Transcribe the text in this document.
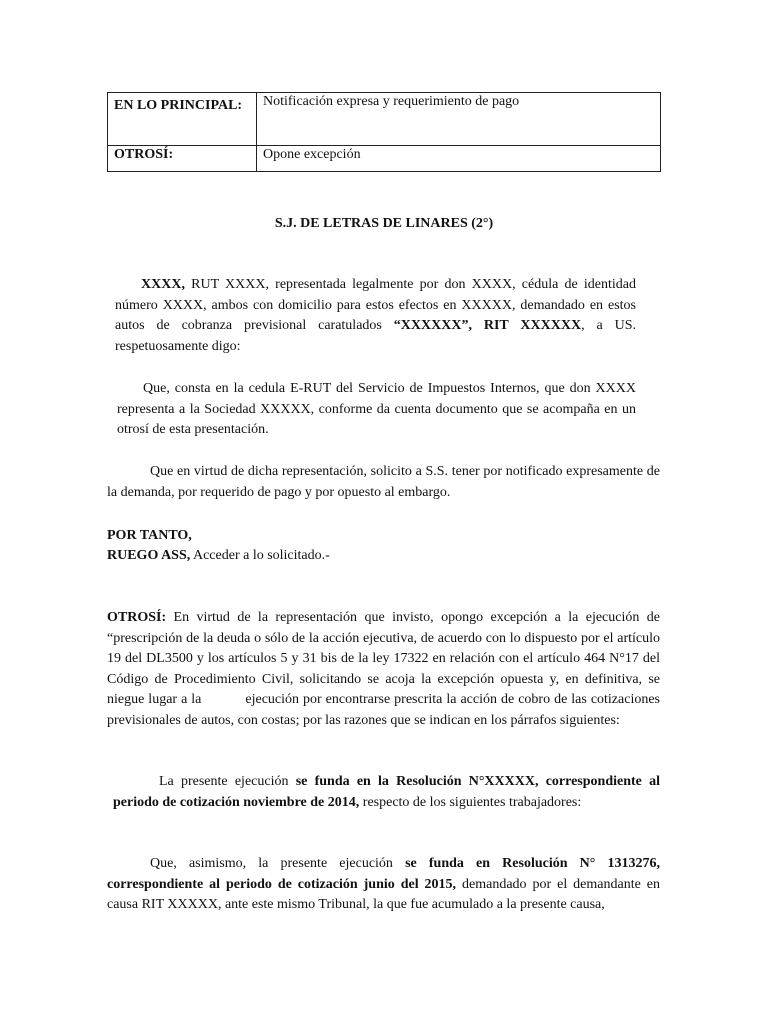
EN LO PRINCIPAL:	Notificación expresa y requerimiento de pago
OTROSÍ:	Opone excepción
S.J. DE LETRAS DE LINARES (2°)
XXXX, RUT XXXX, representada legalmente por don XXXX, cédula de identidad número XXXX, ambos con domicilio para estos efectos en XXXXX, demandado en estos autos de cobranza previsional caratulados “XXXXXX”, RIT XXXXXX, a US. respetuosamente digo:
Que, consta en la cedula E-RUT del Servicio de Impuestos Internos, que don XXXX representa a la Sociedad XXXXX, conforme da cuenta documento que se acompaña en un otrosí de esta presentación.
Que en virtud de dicha representación, solicito a S.S. tener por notificado expresamente de la demanda, por requerido de pago y por opuesto al embargo.
POR TANTO,
RUEGO ASS, Acceder a lo solicitado.-
OTROSÍ: En virtud de la representación que invisto, opongo excepción a la ejecución de “prescripción de la deuda o sólo de la acción ejecutiva, de acuerdo con lo dispuesto por el artículo 19 del DL3500 y los artículos 5 y 31 bis de la ley 17322 en relación con el artículo 464 N°17 del Código de Procedimiento Civil, solicitando se acoja la excepción opuesta y, en definitiva, se niegue lugar a la	ejecución por encontrarse prescrita la acción de cobro de las cotizaciones previsionales de autos, con costas; por las razones que se indican en los párrafos siguientes:
La presente ejecución se funda en la Resolución N°XXXXX, correspondiente al periodo de cotización noviembre de 2014, respecto de los siguientes trabajadores:
Que, asimismo, la presente ejecución se funda en Resolución N° 1313276, correspondiente al periodo de cotización junio del 2015, demandado por el demandante en causa RIT XXXXX, ante este mismo Tribunal, la que fue acumulado a la presente causa,
